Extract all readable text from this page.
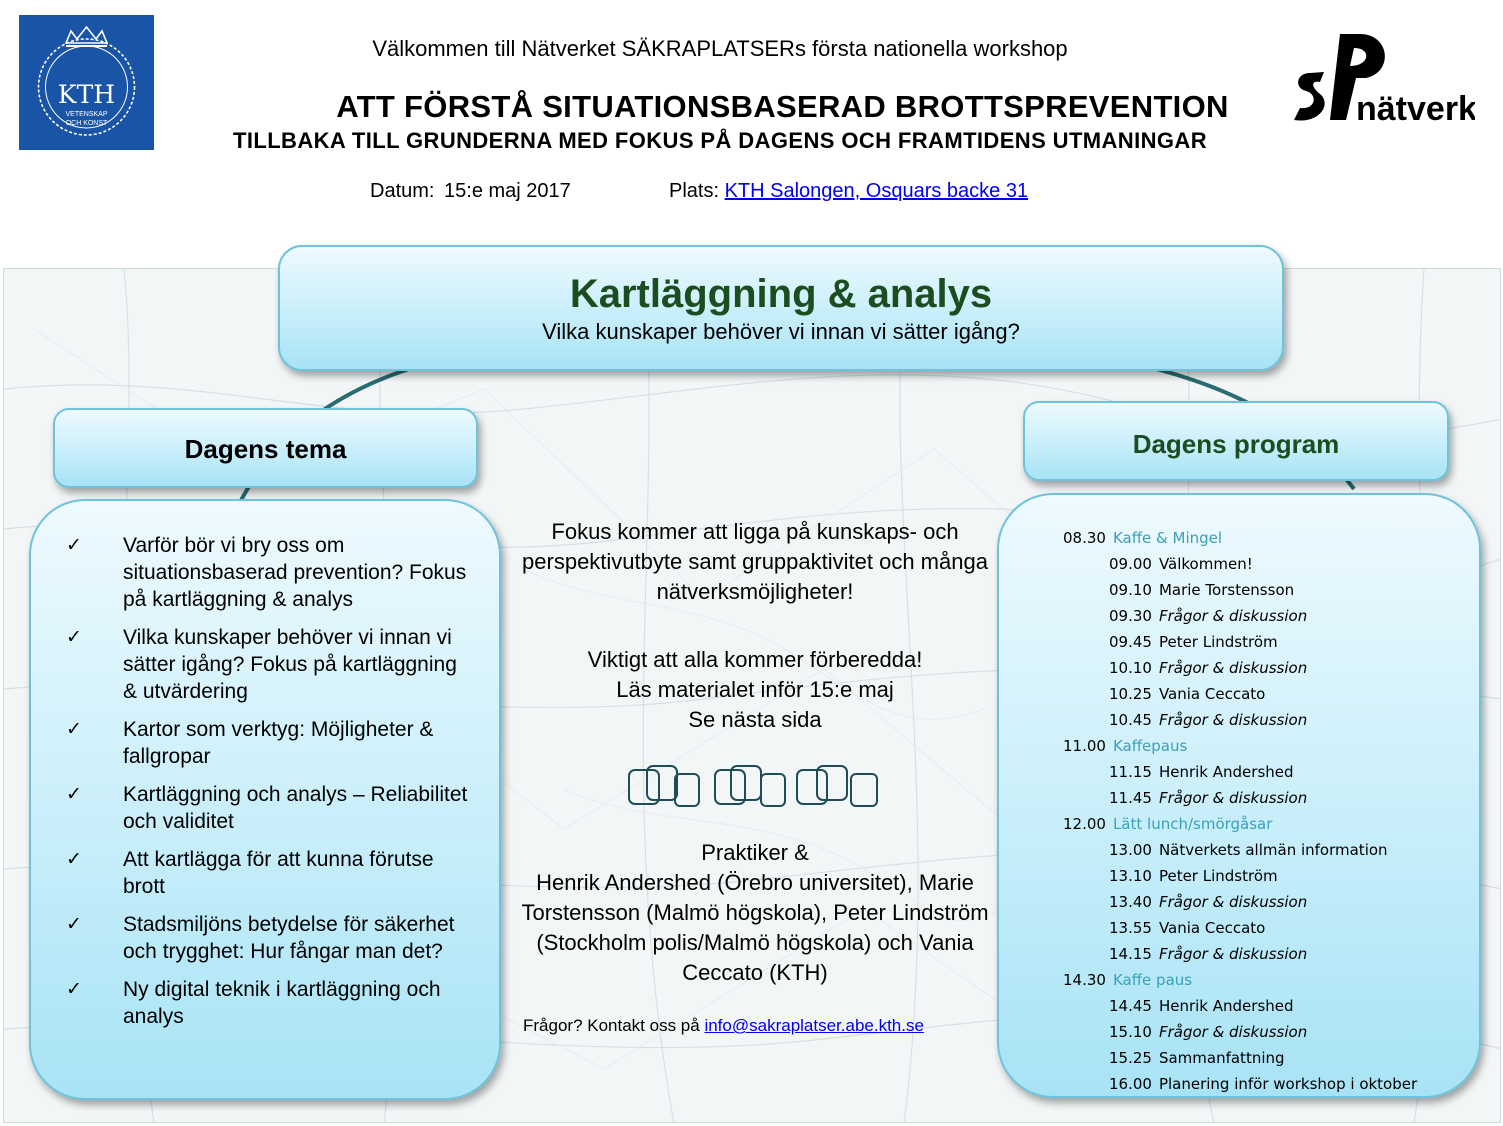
KTH
VETENSKAP
OCH KONST	nätverk
Välkommen till Nätverket SÄKRAPLATSERs första nationella workshop
ATT FÖRSTÅ SITUATIONSBASERAD BROTTSPREVENTION
TILLBAKA TILL GRUNDERNA MED FOKUS PÅ DAGENS OCH FRAMTIDENS UTMANINGAR
Datum: 15:e maj 2017	Plats: KTH Salongen, Osquars backe 31
Kartläggning & analys

Vilka kunskaper behöver vi innan vi sätter igång?

Dagens tema	Dagens program
✓ Varför bör vi bry oss om situationsbaserad prevention? Fokus på kartläggning & analys
✓ Vilka kunskaper behöver vi innan vi sätter igång? Fokus på kartläggning & utvärdering
✓ Kartor som verktyg: Möjligheter & fallgropar
✓ Kartläggning och analys – Reliabilitet och validitet
✓ Att kartlägga för att kunna förutse brott
✓ Stadsmiljöns betydelse för säkerhet och trygghet: Hur fångar man det?
✓ Ny digital teknik i kartläggning och analys
Fokus kommer att ligga på kunskaps- och perspektivutbyte samt gruppaktivitet och många nätverksmöjligheter!
Viktigt att alla kommer förberedda!
Läs materialet inför 15:e maj
Se nästa sida
Praktiker &
Henrik Andershed (Örebro universitet), Marie Torstensson (Malmö högskola), Peter Lindström (Stockholm polis/Malmö högskola) och Vania Ceccato (KTH)
Frågor? Kontakt oss på info@sakraplatser.abe.kth.se
08.30 Kaffe & Mingel
09.00 Välkommen!
09.10 Marie Torstensson
09.30 Frågor & diskussion
09.45 Peter Lindström
10.10 Frågor & diskussion
10.25 Vania Ceccato
10.45 Frågor & diskussion
11.00 Kaffepaus
11.15 Henrik Andershed
11.45 Frågor & diskussion
12.00 Lätt lunch/smörgåsar
13.00 Nätverkets allmän information
13.10 Peter Lindström
13.40 Frågor & diskussion
13.55 Vania Ceccato
14.15 Frågor & diskussion
14.30 Kaffe paus
14.45 Henrik Andershed
15.10 Frågor & diskussion
15.25 Sammanfattning
16.00 Planering inför workshop i oktober
